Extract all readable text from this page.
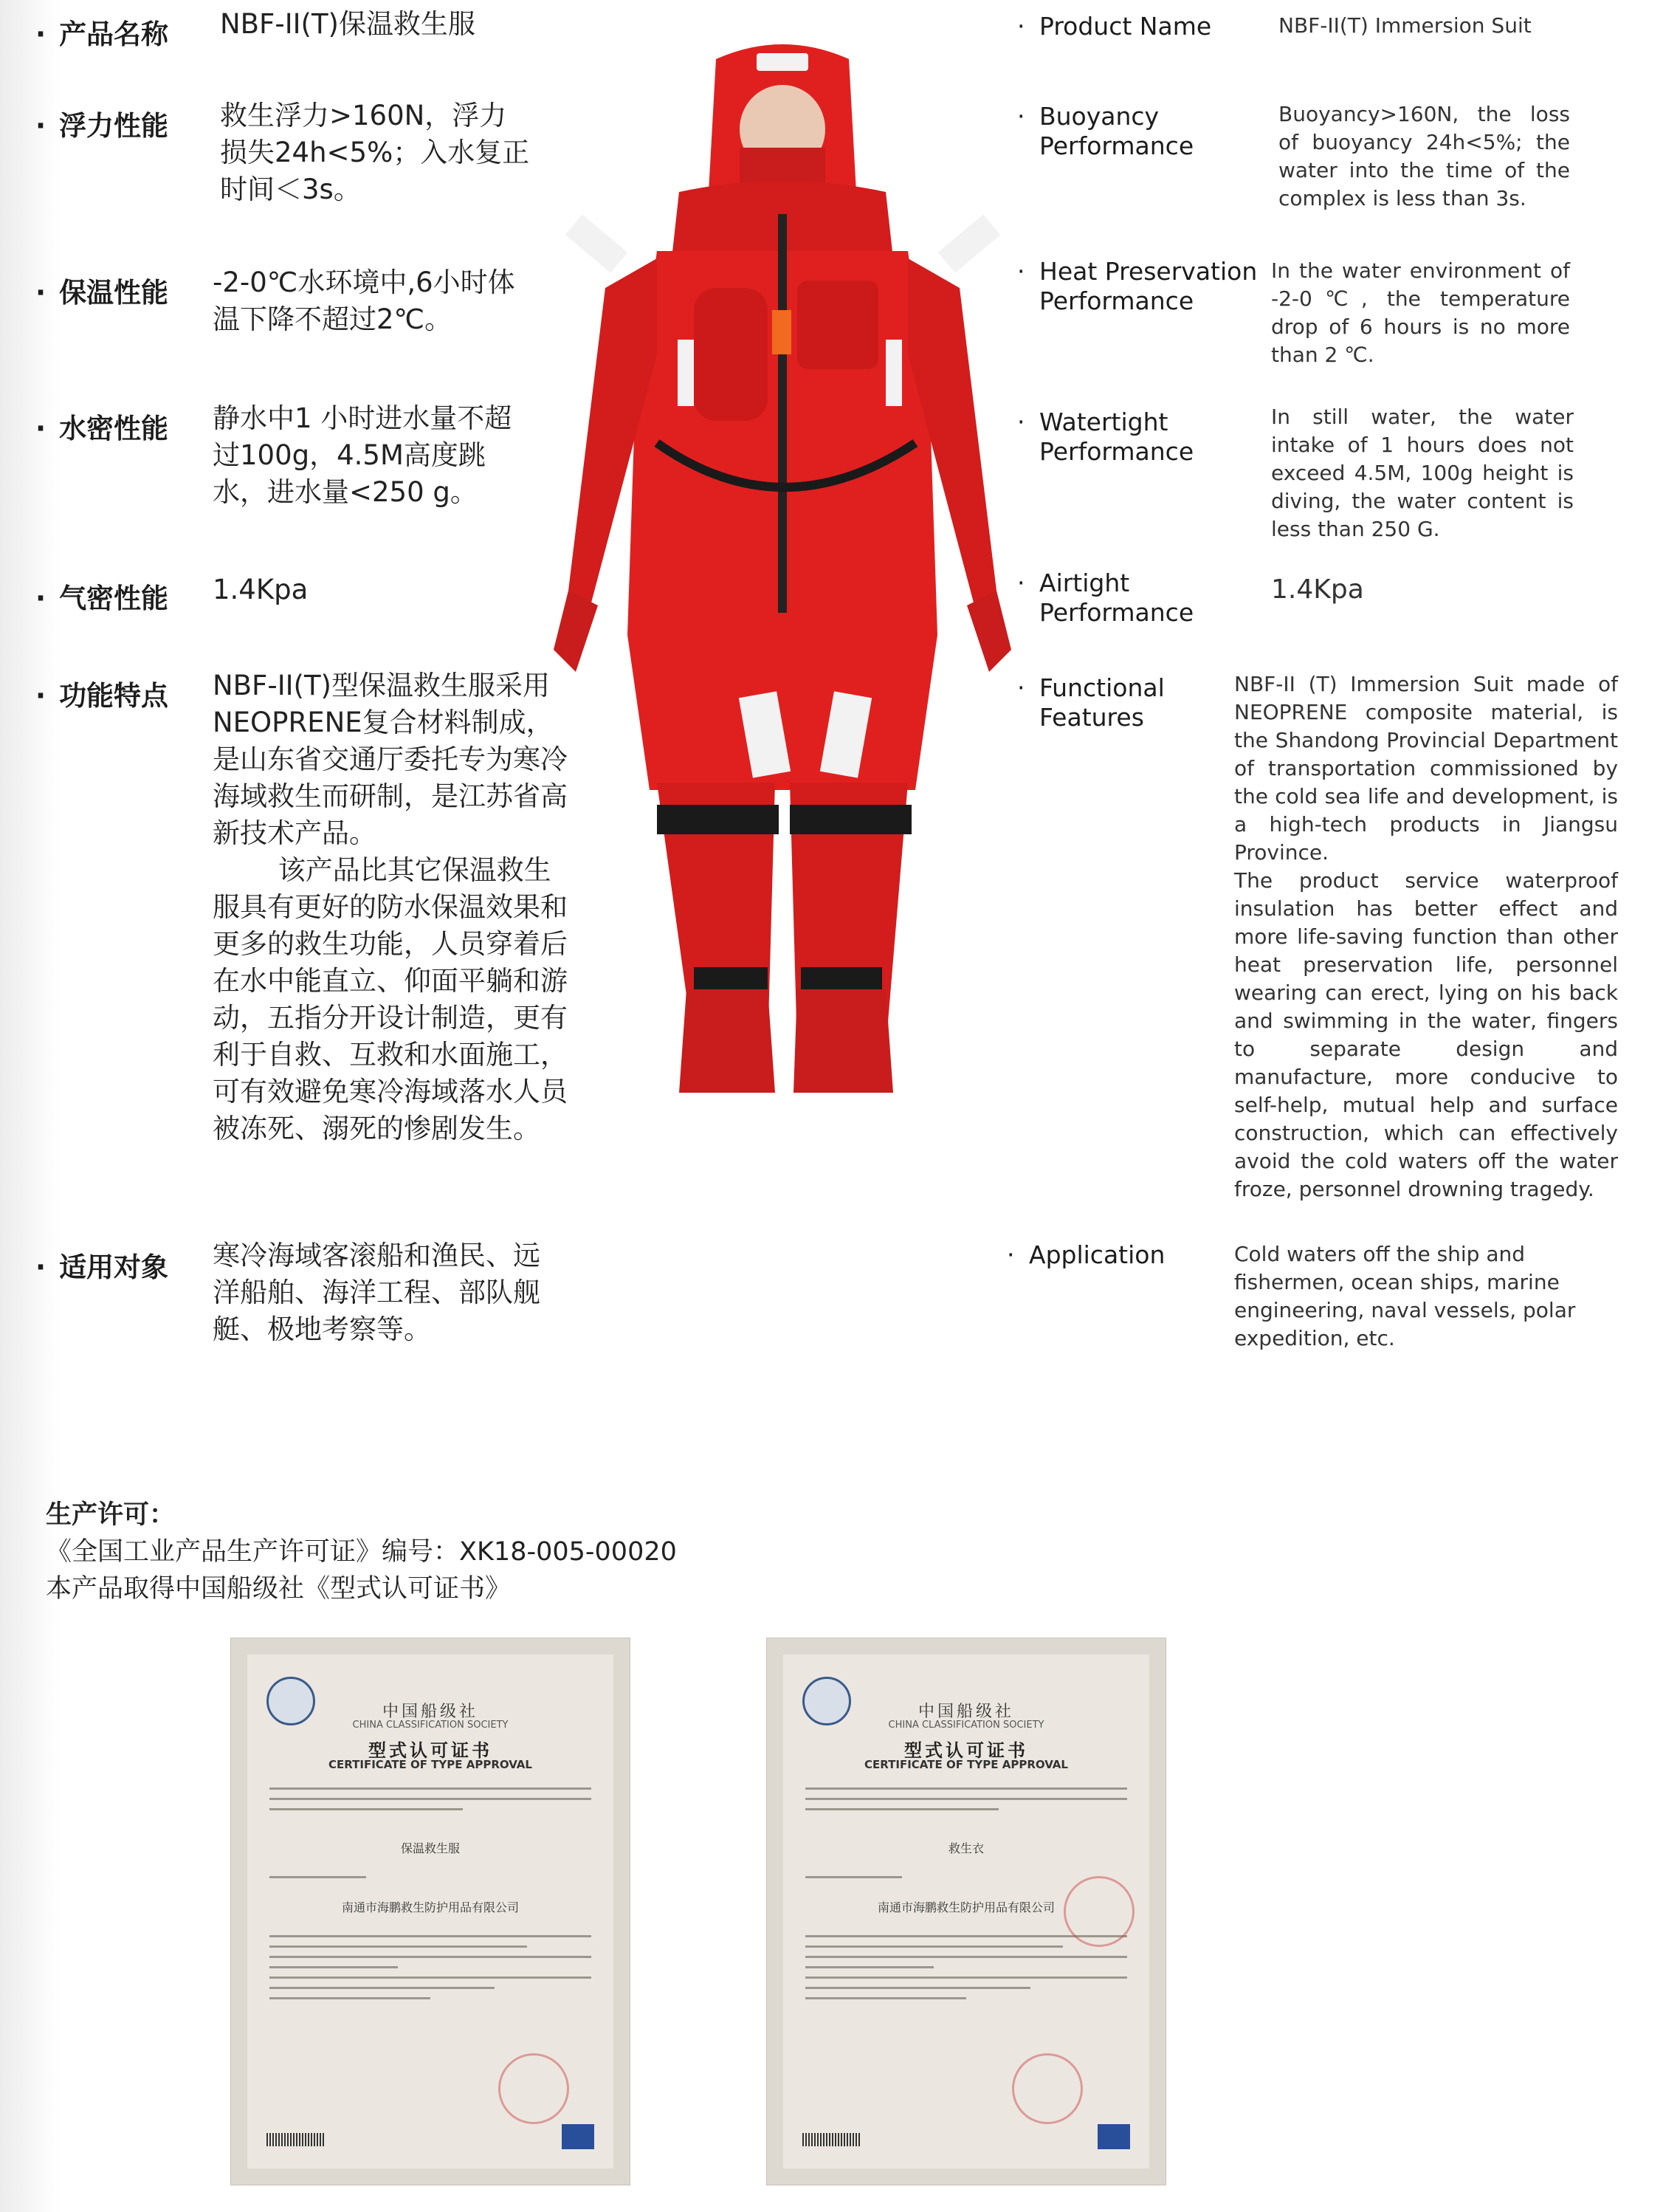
· 产品名称 NBF-II(T)保温救生服
· 浮力性能 救生浮力>160N，浮力损失24h<5%；入水复正时间＜3s。
· 保温性能 -2-0℃水环境中,6小时体温下降不超过2℃。
· 水密性能 静水中1 小时进水量不超过100g，4.5M高度跳水，进水量<250 g。
· 气密性能 1.4Kpa
· 功能特点 NBF-II(T)型保温救生服采用NEOPRENE复合材料制成，是山东省交通厅委托专为寒冷海域救生而研制，是江苏省高新技术产品。
该产品比其它保温救生服具有更好的防水保温效果和更多的救生功能，人员穿着后在水中能直立、仰面平躺和游动，五指分开设计制造，更有利于自救、互救和水面施工，可有效避免寒冷海域落水人员被冻死、溺死的惨剧发生。
· 适用对象 寒冷海域客滚船和渔民、远洋船舶、海洋工程、部队舰艇、极地考察等。
· Product Name	NBF-II(T) Immersion Suit
· Buoyancy Performance
Buoyancy>160N, the loss of buoyancy 24h<5%; the water into the time of the complex is less than 3s.
· Heat Preservation Performance
In the water environment of -2-0℃, the temperature drop of 6 hours is no more than 2 ℃.
· Watertight Performance
In still water, the water intake of 1 hours does not exceed 4.5M, 100g height is diving, the water content is less than 250 G.
· Airtight Performance
1.4Kpa
· Functional Features
NBF-II (T) Immersion Suit made of NEOPRENE composite material, is the Shandong Provincial Department of transportation commissioned by the cold sea life and development, is a high-tech products in Jiangsu Province.
The product service waterproof insulation has better effect and more life-saving function than other heat preservation life, personnel wearing can erect, lying on his back and swimming in the water, fingers to separate design and manufacture, more conducive to self-help, mutual help and surface construction, which can effectively avoid the cold waters off the water froze, personnel drowning tragedy.
· Application	Cold waters off the ship and fishermen, ocean ships, marine engineering, naval vessels, polar expedition, etc.
生产许可：
《全国工业产品生产许可证》编号：XK18-005-00020
本产品取得中国船级社《型式认可证书》
中国船级社
CHINA CLASSIFICATION SOCIETY
型式认可证书
CERTIFICATE OF TYPE APPROVAL
保温救生服
南通市海鹏救生防护用品有限公司
中国船级社
CHINA CLASSIFICATION SOCIETY
型式认可证书
CERTIFICATE OF TYPE APPROVAL
救生衣
南通市海鹏救生防护用品有限公司
